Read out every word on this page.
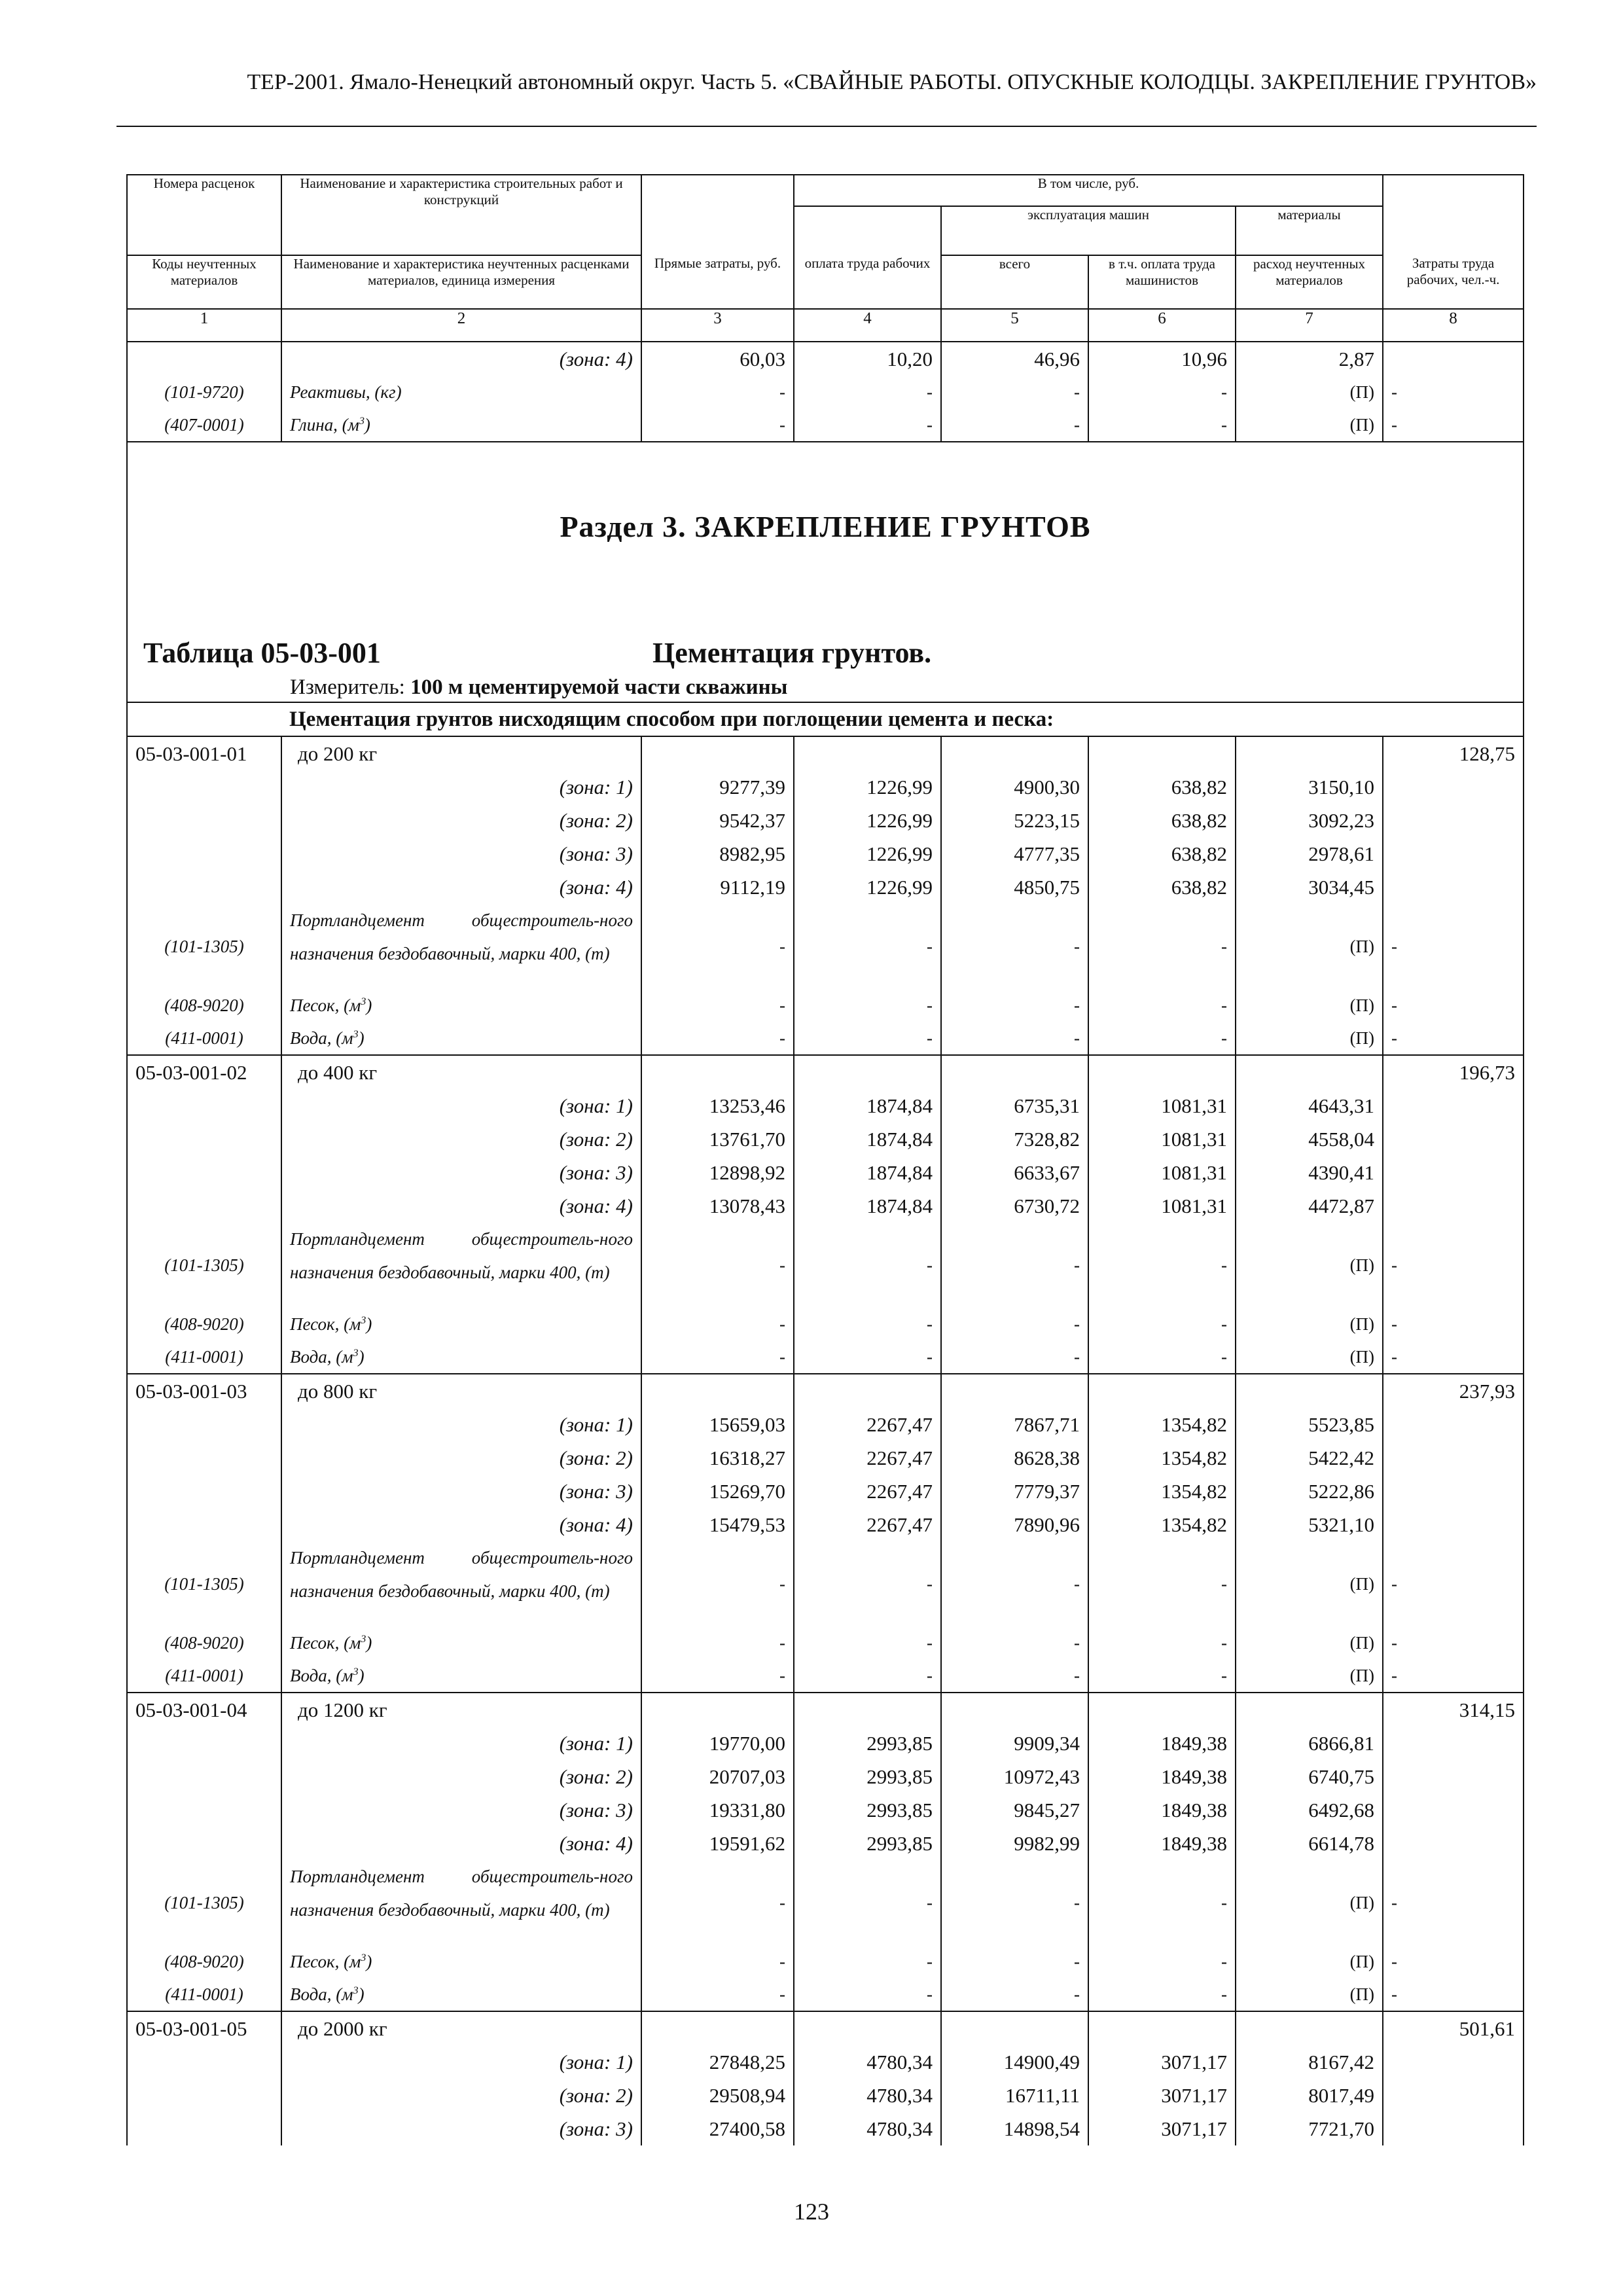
ТЕР-2001. Ямало-Ненецкий автономный округ. Часть 5. «СВАЙНЫЕ РАБОТЫ. ОПУСКНЫЕ КОЛОДЦЫ. ЗАКРЕПЛЕНИЕ ГРУНТОВ»
Номера расценок	Наименование и характеристика строительных работ и конструкций		В том числе, руб.				
				эксплуатация машин		материалы	
Коды неучтенных материалов	Наименование и характеристика неучтенных расценками материалов, единица измерения	Прямые затраты, руб.	оплата труда рабочих	всего	в т.ч. оплата труда машинистов	расход неучтенных материалов	Затраты труда рабочих, чел.-ч.
1	2	3	4	5	6	7	8
	(зона: 4)	60,03	10,20	46,96	10,96	2,87	
(101-9720)	Реактивы, (кг)	-	-	-	-	(П)	-
(407-0001)	Глина, $(м^3)$	-	-	-	-	(П)	-

Раздел 3. ЗАКРЕПЛЕНИЕ ГРУНТОВ
Таблица 05-03-001 Цементация грунтов.
Измеритель: 100 м цементируемой части скважины							

	Цементация грунтов нисходящим способом при поглощении цемента и песка:						
05-03-001-01	до 200 кг						128,75
	(зона: 1)	9277,39	1226,99	4900,30	638,82	3150,10	
	(зона: 2)	9542,37	1226,99	5223,15	638,82	3092,23	
	(зона: 3)	8982,95	1226,99	4777,35	638,82	2978,61	
	(зона: 4)	9112,19	1226,99	4850,75	638,82	3034,45	
(101-1305)	Портландцемент общестроитель-ного назначения бездобавочный, марки 400, (т)	-	-	-	-	(П)	-
(408-9020)	Песок, $(м^3)$	-	-	-	-	(П)	-
(411-0001)	Вода, $(м^3)$	-	-	-	-	(П)	-
05-03-001-02	до 400 кг						196,73
	(зона: 1)	13253,46	1874,84	6735,31	1081,31	4643,31	
	(зона: 2)	13761,70	1874,84	7328,82	1081,31	4558,04	
	(зона: 3)	12898,92	1874,84	6633,67	1081,31	4390,41	
	(зона: 4)	13078,43	1874,84	6730,72	1081,31	4472,87	
(101-1305)	Портландцемент общестроитель-ного назначения бездобавочный, марки 400, (т)	-	-	-	-	(П)	-
(408-9020)	Песок, $(м^3)$	-	-	-	-	(П)	-
(411-0001)	Вода, $(м^3)$	-	-	-	-	(П)	-
05-03-001-03	до 800 кг						237,93
	(зона: 1)	15659,03	2267,47	7867,71	1354,82	5523,85	
	(зона: 2)	16318,27	2267,47	8628,38	1354,82	5422,42	
	(зона: 3)	15269,70	2267,47	7779,37	1354,82	5222,86	
	(зона: 4)	15479,53	2267,47	7890,96	1354,82	5321,10	
(101-1305)	Портландцемент общестроитель-ного назначения бездобавочный, марки 400, (т)	-	-	-	-	(П)	-
(408-9020)	Песок, $(м^3)$	-	-	-	-	(П)	-
(411-0001)	Вода, $(м^3)$	-	-	-	-	(П)	-
05-03-001-04	до 1200 кг						314,15
	(зона: 1)	19770,00	2993,85	9909,34	1849,38	6866,81	
	(зона: 2)	20707,03	2993,85	10972,43	1849,38	6740,75	
	(зона: 3)	19331,80	2993,85	9845,27	1849,38	6492,68	
	(зона: 4)	19591,62	2993,85	9982,99	1849,38	6614,78	
(101-1305)	Портландцемент общестроитель-ного назначения бездобавочный, марки 400, (т)	-	-	-	-	(П)	-
(408-9020)	Песок, $(м^3)$	-	-	-	-	(П)	-
(411-0001)	Вода, $(м^3)$	-	-	-	-	(П)	-
05-03-001-05	до 2000 кг						501,61
	(зона: 1)	27848,25	4780,34	14900,49	3071,17	8167,42	
	(зона: 2)	29508,94	4780,34	16711,11	3071,17	8017,49	
	(зона: 3)	27400,58	4780,34	14898,54	3071,17	7721,70	
123
